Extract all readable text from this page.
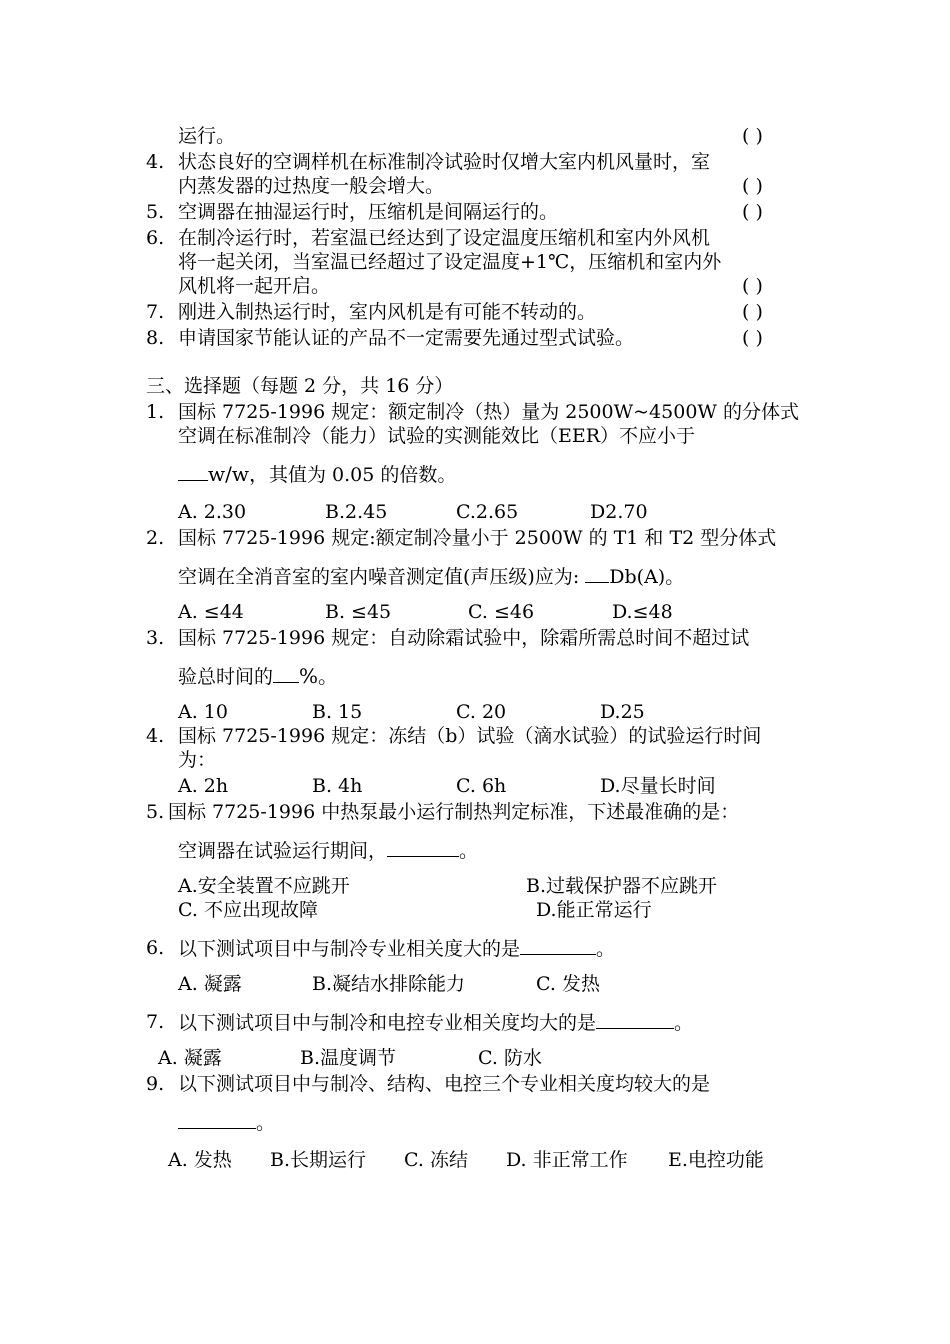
运行。	( )
4. 状态良好的空调样机在标准制冷试验时仅增大室内机风量时，室
内蒸发器的过热度一般会增大。	( )
5. 空调器在抽湿运行时，压缩机是间隔运行的。	( )
6. 在制冷运行时，若室温已经达到了设定温度压缩机和室内外风机
将一起关闭，当室温已经超过了设定温度+1℃，压缩机和室内外
风机将一起开启。	( )
7. 刚进入制热运行时，室内风机是有可能不转动的。	( )
8. 申请国家节能认证的产品不一定需要先通过型式试验。	( )
三、选择题（每题 2 分，共 16 分）
1. 国标 7725-1996 规定：额定制冷（热）量为 2500W~4500W 的分体式
空调在标准制冷（能力）试验的实测能效比（EER）不应小于
w/w，其值为 0.05 的倍数。
A. 2.30	B.2.45	C.2.65	D2.70
2. 国标 7725-1996 规定:额定制冷量小于 2500W 的 T1 和 T2 型分体式
空调在全消音室的室内噪音测定值(声压级)应为: Db(A)。
A. ≤44	B. ≤45	C. ≤46	D.≤48
3. 国标 7725-1996 规定：自动除霜试验中，除霜所需总时间不超过试
验总时间的 %。
A. 10	B. 15	C. 20	D.25
4. 国标 7725-1996 规定：冻结（b）试验（滴水试验）的试验运行时间
为：
A. 2h	B. 4h	C. 6h	D.尽量长时间
5. 国标 7725-1996 中热泵最小运行制热判定标准，下述最准确的是：
空调器在试验运行期间，	。
A.安全装置不应跳开	B.过载保护器不应跳开
C. 不应出现故障	D.能正常运行
6. 以下测试项目中与制冷专业相关度大的是	。
A. 凝露	B.凝结水排除能力	C. 发热
7. 以下测试项目中与制冷和电控专业相关度均大的是	。
A. 凝露	B.温度调节	C. 防水
9. 以下测试项目中与制冷、结构、电控三个专业相关度均较大的是
。
A. 发热 B.长期运行 C. 冻结 D. 非正常工作 E.电控功能
